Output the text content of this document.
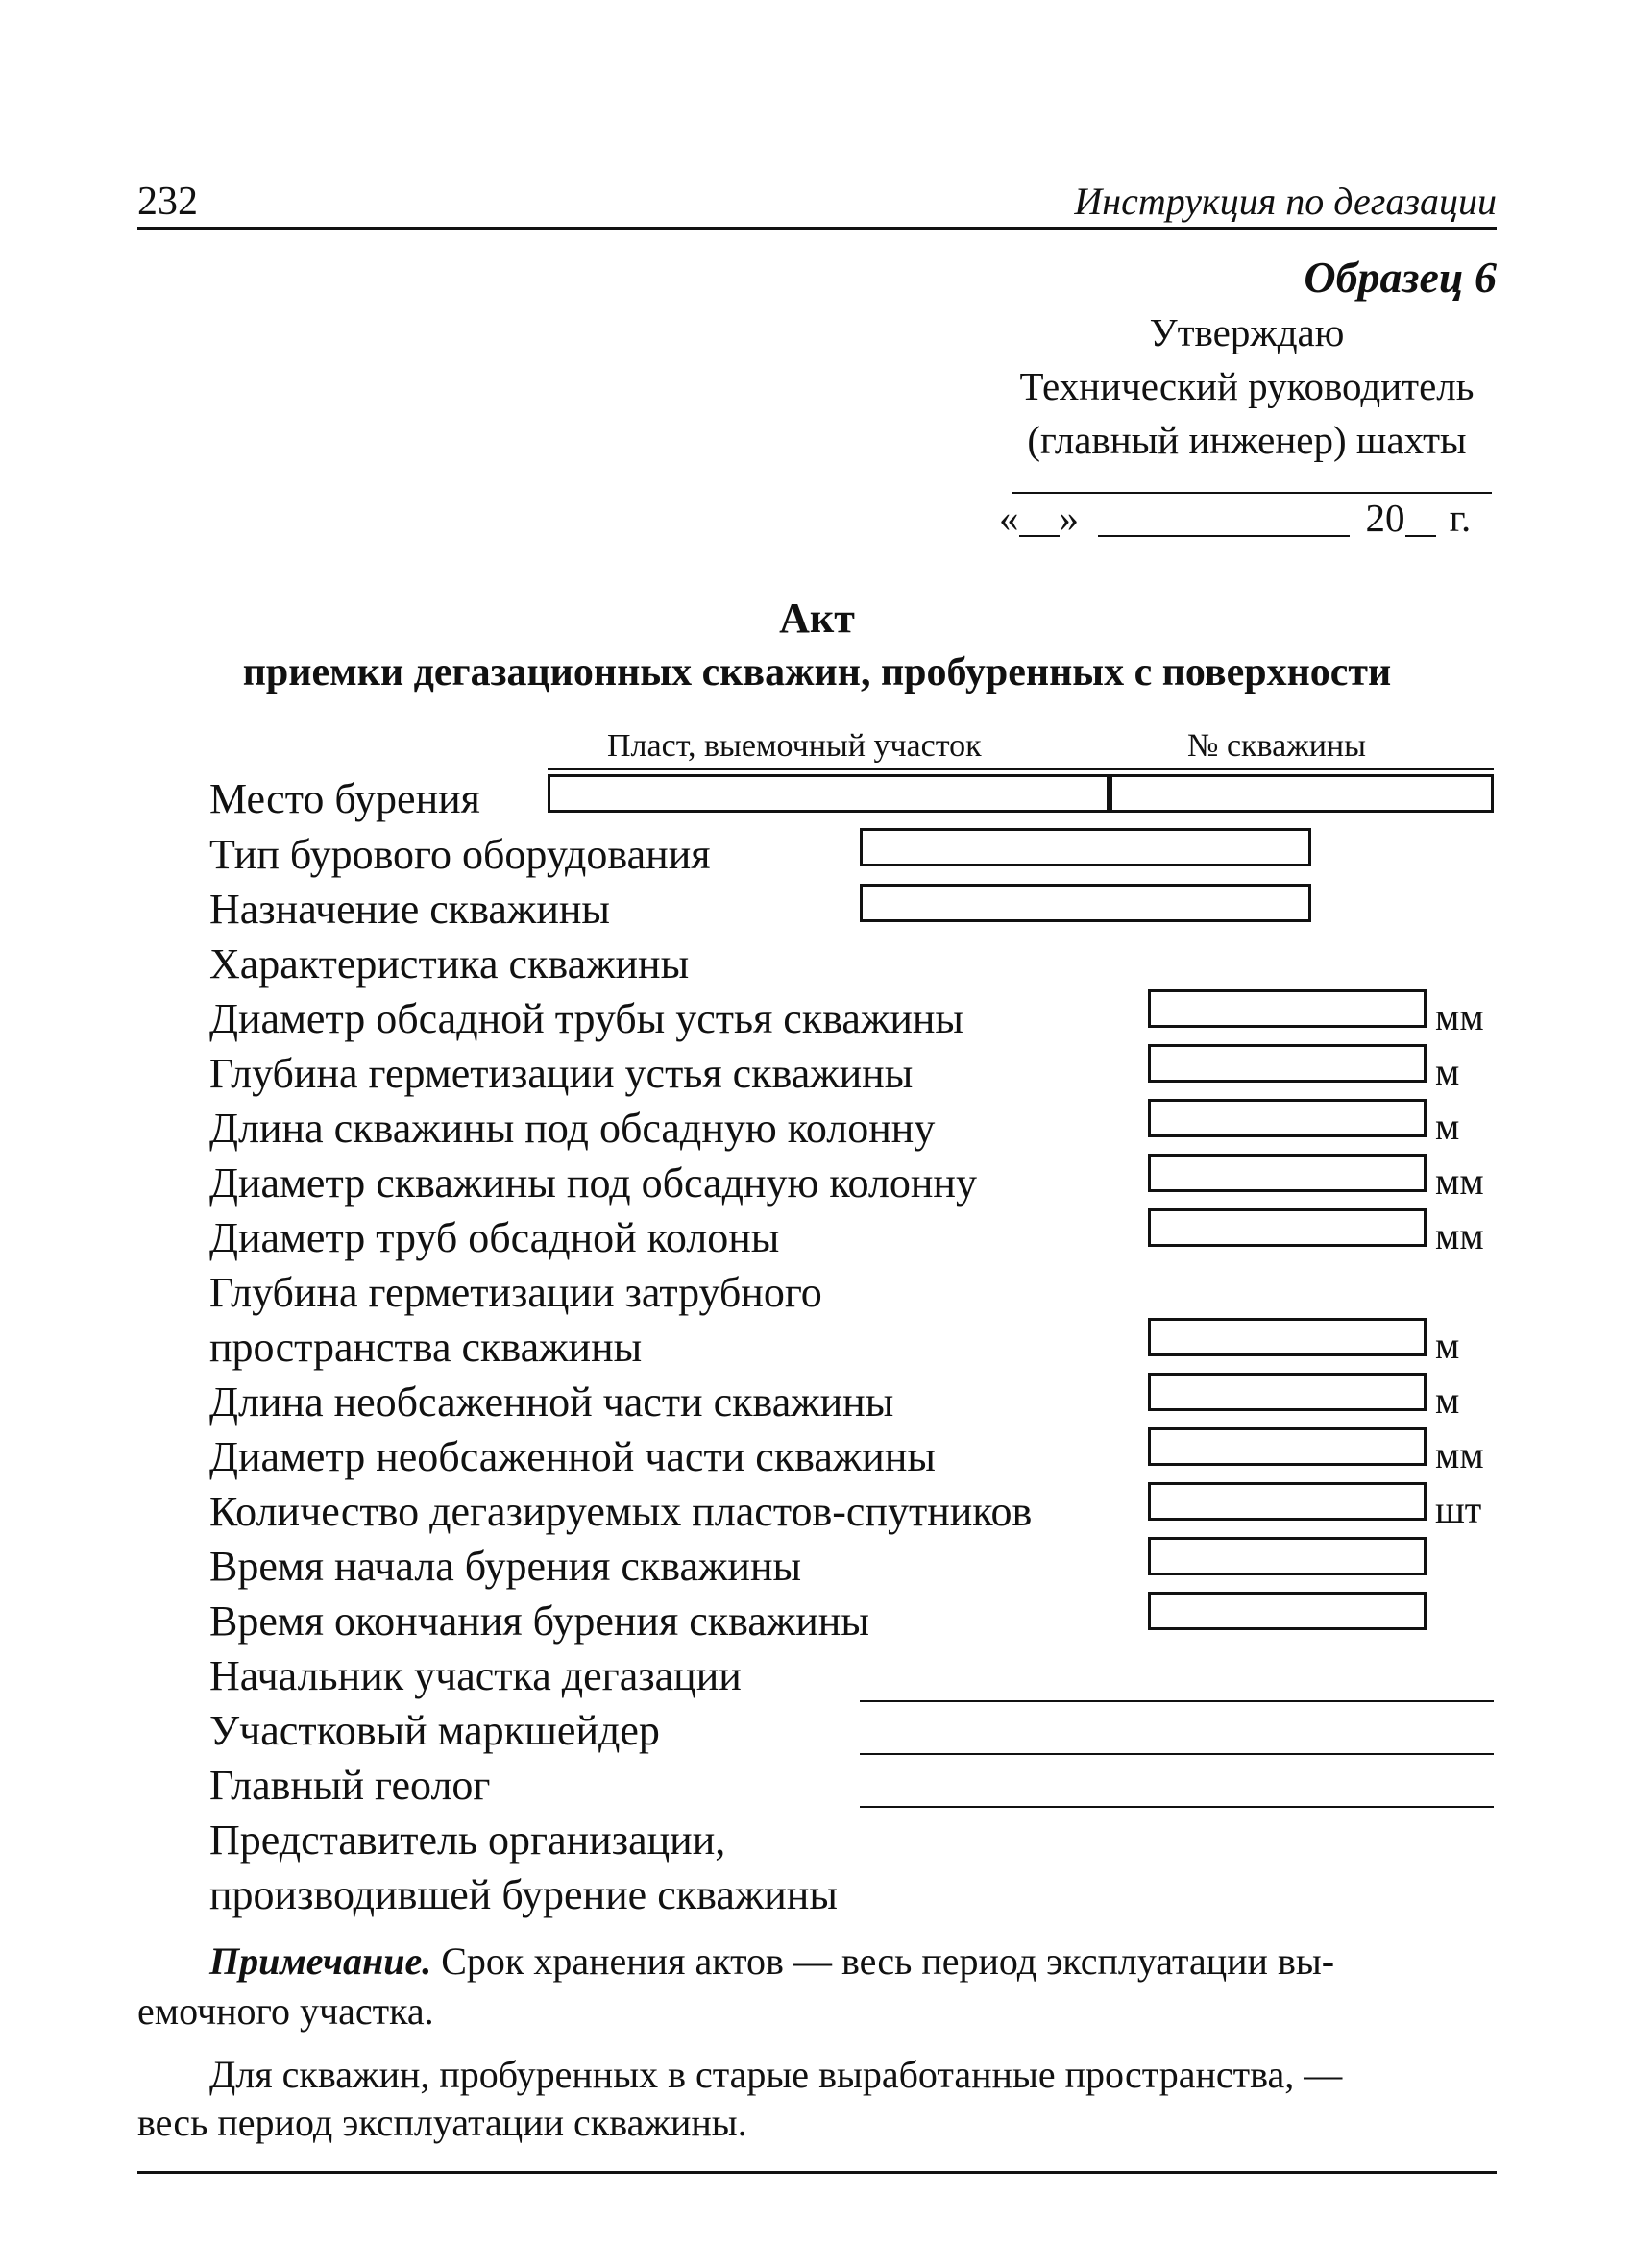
232	Инструкция по дегазации
Образец 6
Утверждаю
Технический руководитель
(главный инженер) шахты
« »	20 г.
Акт
приемки дегазационных скважин, пробуренных с поверхности
Пласт, выемочный участок	№ скважины
Место бурения
Тип бурового оборудования
Назначение скважины
Характеристика скважины
Диаметр обсадной трубы устья скважины	мм
Глубина герметизации устья скважины	м
Длина скважины под обсадную колонну	м
Диаметр скважины под обсадную колонну	мм
Диаметр труб обсадной колоны	мм
Глубина герметизации затрубного
пространства скважины	м
Длина необсаженной части скважины	м
Диаметр необсаженной части скважины	мм
Количество дегазируемых пластов-спутников	шт
Время начала бурения скважины
Время окончания бурения скважины
Начальник участка дегазации
Участковый маркшейдер
Главный геолог
Представитель организации,
производившей бурение скважины
Примечание. Срок хранения актов — весь период эксплуатации вы-
емочного участка.
Для скважин, пробуренных в старые выработанные пространства, —
весь период эксплуатации скважины.
